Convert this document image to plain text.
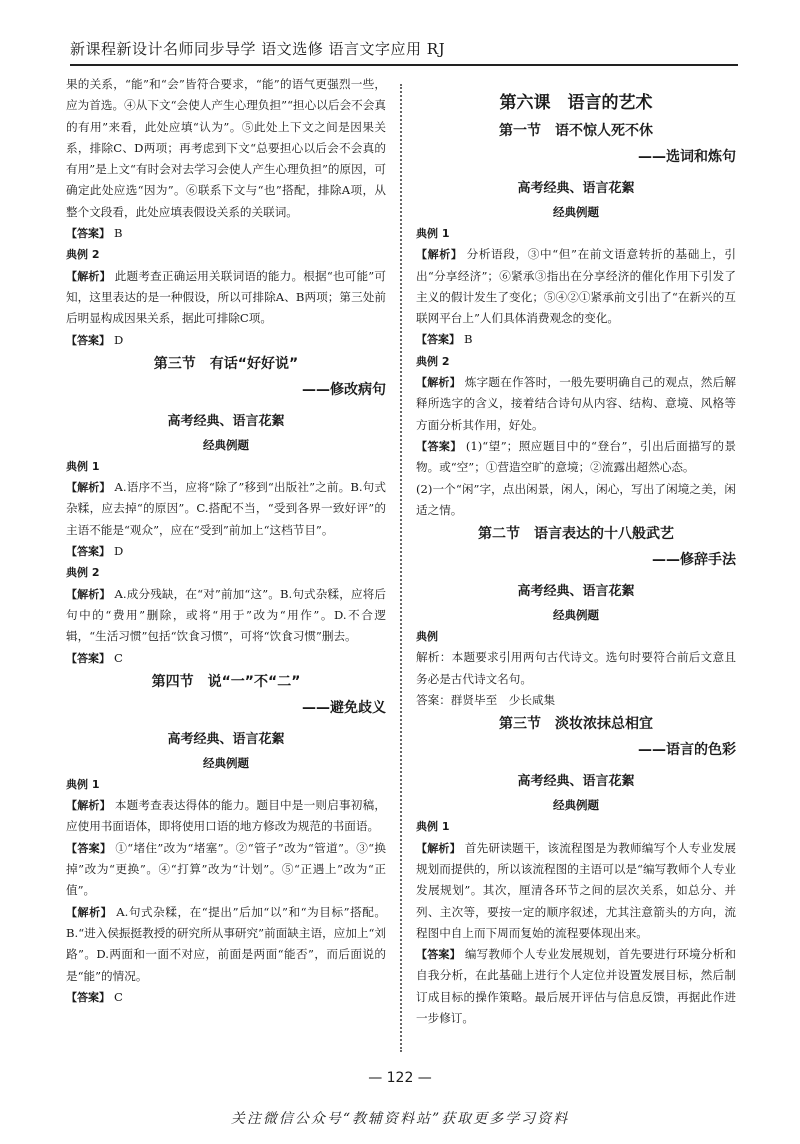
新课程新设计名师同步导学 语文选修 语言文字应用 RJ

果的关系，“能”和“会”皆符合要求，“能”的语气更强烈一些，应为首选。④从下文“会使人产生心理负担”“担心以后会不会真的有用”来看，此处应填“认为”。⑤此处上下文之间是因果关系，排除C、D两项；再考虑到下文“总要担心以后会不会真的有用”是上文“有时会对去学习会使人产生心理负担”的原因，可确定此处应选“因为”。⑥联系下文与“也”搭配，排除A项，从整个文段看，此处应填表假设关系的关联词。

【答案】 B

典例 2

【解析】 此题考查正确运用关联词语的能力。根据“也可能”可知，这里表达的是一种假设，所以可排除A、B两项；第三处前后明显构成因果关系，据此可排除C项。

【答案】 D

第三节　有话“好好说”
——修改病句
高考经典、语言花絮
经典例题

典例 1

【解析】 A.语序不当，应将“除了”移到“出版社”之前。B.句式杂糅，应去掉“的原因”。C.搭配不当，“受到各界一致好评”的主语不能是“观众”，应在“受到”前加上“这档节目”。

【答案】 D

典例 2

【解析】 A.成分残缺，在“对”前加“这”。B.句式杂糅，应将后句中的“费用”删除，或将“用于”改为“用作”。D.不合逻辑，“生活习惯”包括“饮食习惯”，可将“饮食习惯”删去。

【答案】 C

第四节　说“一”不“二”
——避免歧义
高考经典、语言花絮
经典例题

典例 1

【解析】 本题考查表达得体的能力。题目中是一则启事初稿，应使用书面语体，即将使用口语的地方修改为规范的书面语。

【答案】 ①“堵住”改为“堵塞”。②“管子”改为“管道”。③“换掉”改为“更换”。④“打算”改为“计划”。⑤“正遇上”改为“正值”。

【解析】 A.句式杂糅，在“提出”后加“以”和“为目标”搭配。B.“进入侯振挺教授的研究所从事研究”前面缺主语，应加上“刘路”。D.两面和一面不对应，前面是两面“能否”，而后面说的是“能”的情况。

【答案】 C

第六课　语言的艺术
第一节　语不惊人死不休
——选词和炼句
高考经典、语言花絮
经典例题

典例 1

【解析】 分析语段，③中“但”在前文语意转折的基础上，引出“分享经济”；⑥紧承③指出在分享经济的催化作用下引发了主义的假计发生了变化；⑤④②①紧承前文引出了“在新兴的互联网平台上”人们具体消费观念的变化。

【答案】 B

典例 2

【解析】 炼字题在作答时，一般先要明确自己的观点，然后解释所选字的含义，接着结合诗句从内容、结构、意境、风格等方面分析其作用，好处。

【答案】 (1)“望”；照应题目中的“登台”，引出后面描写的景物。或“空”；①营造空旷的意境；②流露出超然心态。

(2)一个“闲”字，点出闲景，闲人，闲心，写出了闲境之美，闲适之情。

第二节　语言表达的十八般武艺
——修辞手法
高考经典、语言花絮
经典例题

典例

解析：本题要求引用两句古代诗文。选句时要符合前后文意且务必是古代诗文名句。

答案：群贤毕至　少长咸集

第三节　淡妆浓抹总相宜
——语言的色彩
高考经典、语言花絮
经典例题

典例 1

【解析】 首先研读题干，该流程图是为教师编写个人专业发展规划而提供的，所以该流程图的主语可以是“编写教师个人专业发展规划”。其次，厘清各环节之间的层次关系，如总分、并列、主次等，要按一定的顺序叙述，尤其注意箭头的方向，流程图中自上而下周而复始的流程要体现出来。

【答案】 编写教师个人专业发展规划，首先要进行环境分析和自我分析，在此基础上进行个人定位并设置发展目标，然后制订成目标的操作策略。最后展开评估与信息反馈，再据此作进一步修订。

— 122 —
关注微信公众号“教辅资料站”获取更多学习资料
